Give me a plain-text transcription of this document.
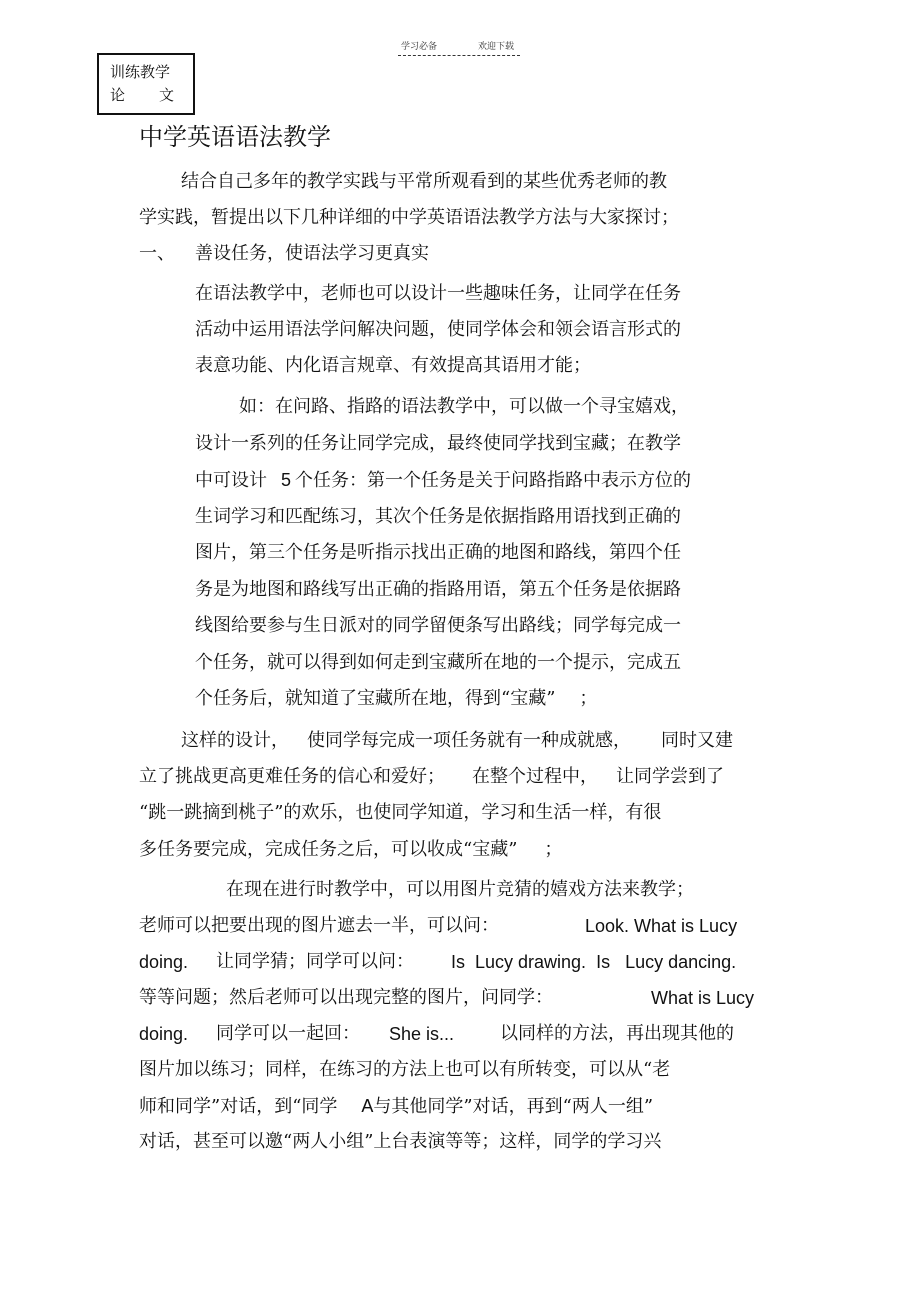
学习必备	欢迎下载
训练教学
论 文
中学英语语法教学
结合自己多年的教学实践与平常所观看到的某些优秀老师的教
学实践，暂提出以下几种详细的中学英语语法教学方法与大家探讨；
一、 善设任务，使语法学习更真实
在语法教学中，老师也可以设计一些趣味任务，让同学在任务
活动中运用语法学问解决问题，使同学体会和领会语言形式的
表意功能、内化语言规章、有效提高其语用才能；
如：在问路、指路的语法教学中，可以做一个寻宝嬉戏，
设计一系列的任务让同学完成，最终使同学找到宝藏；在教学
中可设计 5 个任务：第一个任务是关于问路指路中表示方位的
生词学习和匹配练习，其次个任务是依据指路用语找到正确的
图片，第三个任务是听指示找出正确的地图和路线，第四个任
务是为地图和路线写出正确的指路用语，第五个任务是依据路
线图给要参与生日派对的同学留便条写出路线；同学每完成一
个任务，就可以得到如何走到宝藏所在地的一个提示，完成五
个任务后，就知道了宝藏所在地，得到“宝藏” ；
这样的设计， 使同学每完成一项任务就有一种成就感， 同时又建
立了挑战更高更难任务的信心和爱好； 在整个过程中， 让同学尝到了
“跳一跳摘到桃子”的欢乐，也使同学知道，学习和生活一样，有很
多任务要完成，完成任务之后，可以收成“宝藏” ；
在现在进行时教学中，可以用图片竞猜的嬉戏方法来教学；
老师可以把要出现的图片遮去一半，可以问：	Look. What is Lucy
doing. 让同学猜；同学可以问： Is  Lucy drawing.  Is   Lucy dancing.
等等问题；然后老师可以出现完整的图片，问同学：	What is Lucy
doing. 同学可以一起回： She is...	以同样的方法，再出现其他的
图片加以练习；同样，在练习的方法上也可以有所转变，可以从“老
师和同学”对话，到“同学 A与其他同学”对话，再到“两人一组”
对话，甚至可以邀“两人小组”上台表演等等；这样，同学的学习兴
